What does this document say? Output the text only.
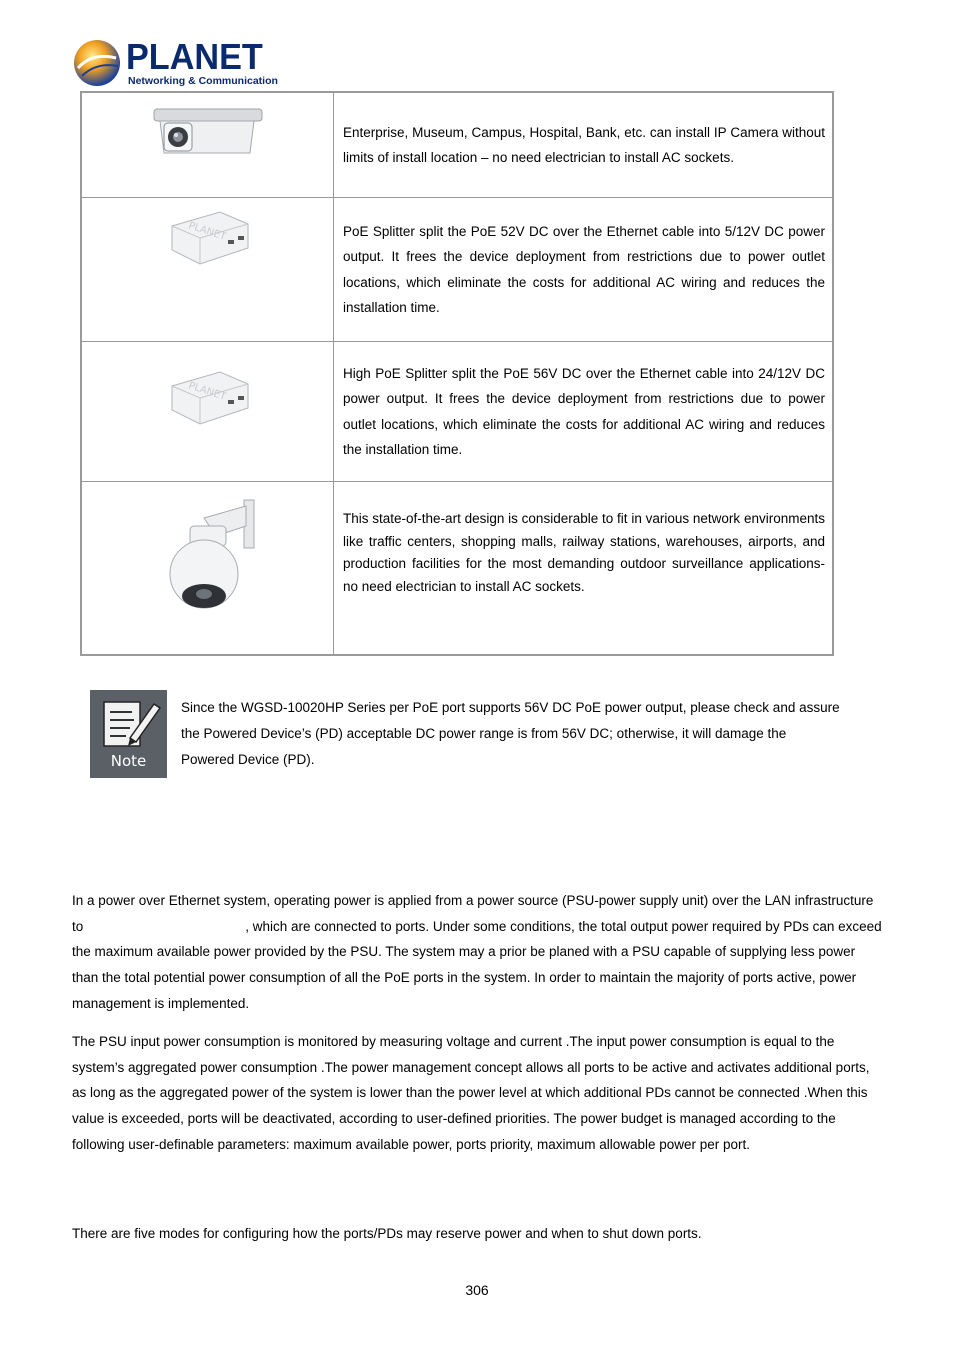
PLANET
Networking & Communication
Enterprise, Museum, Campus, Hospital, Bank, etc. can install IP Camera without limits of install location – no need electrician to install AC sockets.
PLANET	PoE Splitter split the PoE 52V DC over the Ethernet cable into 5/12V DC power output. It frees the device deployment from restrictions due to power outlet locations, which eliminate the costs for additional AC wiring and reduces the installation time.
PLANET
High PoE Splitter split the PoE 56V DC over the Ethernet cable into 24/12V DC power output. It frees the device deployment from restrictions due to power outlet locations, which eliminate the costs for additional AC wiring and reduces the installation time.
This state-of-the-art design is considerable to fit in various network environments like traffic centers, shopping malls, railway stations, warehouses, airports, and production facilities for the most demanding outdoor surveillance applications- no need electrician to install AC sockets.
Note
Since the WGSD-10020HP Series per PoE port supports 56V DC PoE power output, please check and assure the Powered Device’s (PD) acceptable DC power range is from 56V DC; otherwise, it will damage the Powered Device (PD).
In a power over Ethernet system, operating power is applied from a power source (PSU-power supply unit) over the LAN infrastructure to	, which are connected to ports. Under some conditions, the total output power required by PDs can exceed the maximum available power provided by the PSU. The system may a prior be planed with a PSU capable of supplying less power than the total potential power consumption of all the PoE ports in the system. In order to maintain the majority of ports active, power management is implemented.
The PSU input power consumption is monitored by measuring voltage and current .The input power consumption is equal to the system’s aggregated power consumption .The power management concept allows all ports to be active and activates additional ports, as long as the aggregated power of the system is lower than the power level at which additional PDs cannot be connected .When this value is exceeded, ports will be deactivated, according to user-defined priorities. The power budget is managed according to the following user-definable parameters: maximum available power, ports priority, maximum allowable power per port.
There are five modes for configuring how the ports/PDs may reserve power and when to shut down ports.
306
